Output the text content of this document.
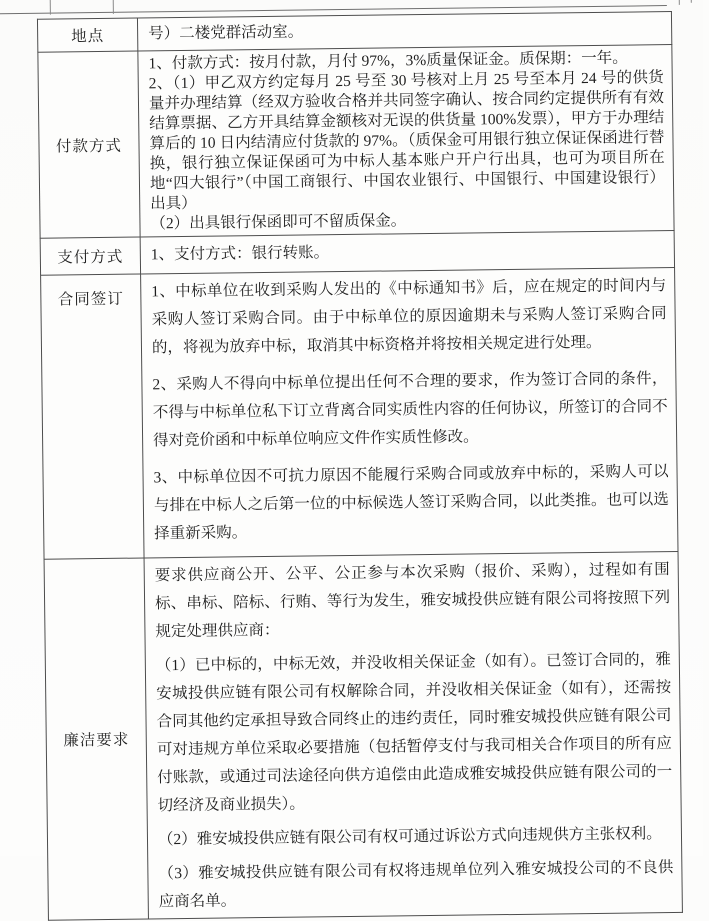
地点	号）二楼党群活动室。

付款方式	1、付款方式：按月付款，月付 97%，3%质量保证金。质保期：一年。

2、（1）甲乙双方约定每月 25 号至 30 号核对上月 25 号至本月 24 号的供货量并办理结算（经双方验收合格并共同签字确认、按合同约定提供所有有效结算票据、乙方开具结算金额核对无误的供货量 100%发票），甲方于办理结算后的 10 日内结清应付货款的 97%。（质保金可用银行独立保证保函进行替换，银行独立保证保函可为中标人基本账户开户行出具，也可为项目所在地“四大银行”（中国工商银行、中国农业银行、中国银行、中国建设银行）出具）

（2）出具银行保函即可不留质保金。

支付方式	1、支付方式：银行转账。

合同签订	1、中标单位在收到采购人发出的《中标通知书》后，应在规定的时间内与采购人签订采购合同。由于中标单位的原因逾期未与采购人签订采购合同的，将视为放弃中标，取消其中标资格并将按相关规定进行处理。

2、采购人不得向中标单位提出任何不合理的要求，作为签订合同的条件，不得与中标单位私下订立背离合同实质性内容的任何协议，所签订的合同不得对竞价函和中标单位响应文件作实质性修改。

3、中标单位因不可抗力原因不能履行采购合同或放弃中标的，采购人可以与排在中标人之后第一位的中标候选人签订采购合同，以此类推。也可以选择重新采购。

廉洁要求	要求供应商公开、公平、公正参与本次采购（报价、采购），过程如有围标、串标、陪标、行贿、等行为发生，雅安城投供应链有限公司将按照下列规定处理供应商：

（1）已中标的，中标无效，并没收相关保证金（如有）。已签订合同的，雅安城投供应链有限公司有权解除合同，并没收相关保证金（如有），还需按合同其他约定承担导致合同终止的违约责任，同时雅安城投供应链有限公司可对违规方单位采取必要措施（包括暂停支付与我司相关合作项目的所有应付账款，或通过司法途径向供方追偿由此造成雅安城投供应链有限公司的一切经济及商业损失）。

（2）雅安城投供应链有限公司有权可通过诉讼方式向违规供方主张权利。

（3）雅安城投供应链有限公司有权将违规单位列入雅安城投公司的不良供应商名单。
